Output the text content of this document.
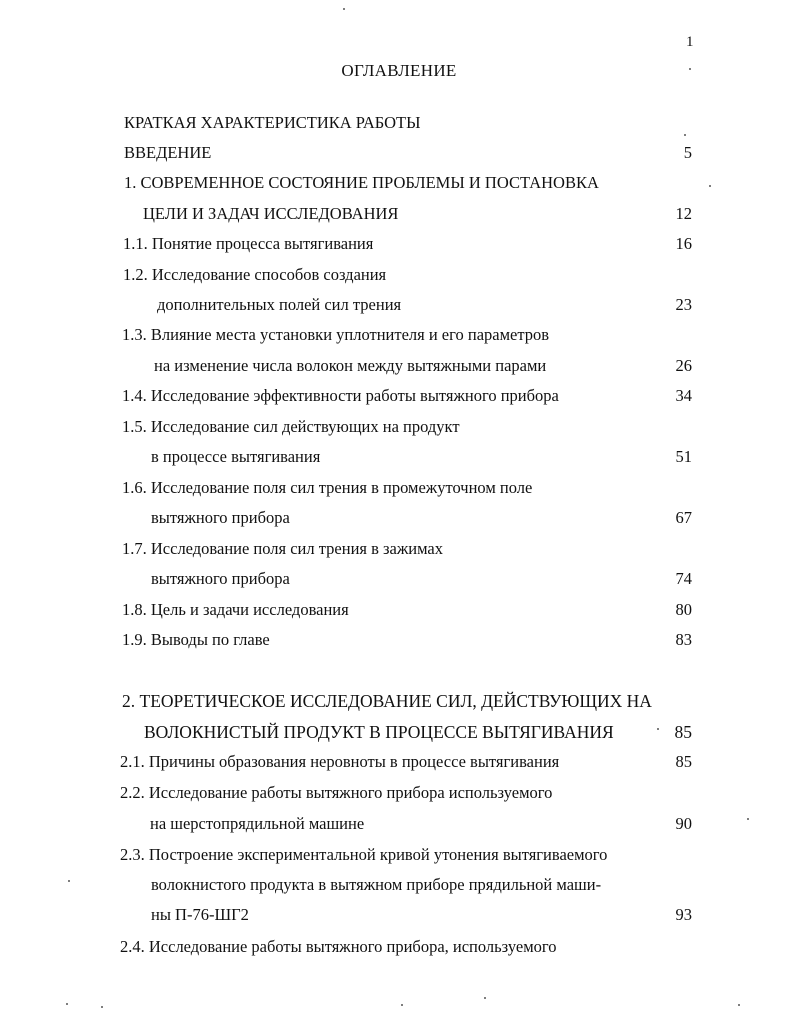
1
ОГЛАВЛЕНИЕ
КРАТКАЯ ХАРАКТЕРИСТИКА РАБОТЫ
ВВЕДЕНИЕ	5
1. СОВРЕМЕННОЕ СОСТОЯНИЕ ПРОБЛЕМЫ И ПОСТАНОВКА
ЦЕЛИ И ЗАДАЧ ИССЛЕДОВАНИЯ	12
1.1. Понятие процесса вытягивания	16
1.2. Исследование способов создания
дополнительных полей сил трения	23
1.3. Влияние места установки уплотнителя и его параметров
на изменение числа волокон между вытяжными парами	26
1.4. Исследование эффективности работы вытяжного прибора	34
1.5. Исследование сил действующих на продукт
в процессе вытягивания	51
1.6. Исследование поля сил трения в промежуточном поле
вытяжного прибора	67
1.7. Исследование поля сил трения в зажимах
вытяжного прибора	74
1.8. Цель и задачи исследования	80
1.9. Выводы по главе	83
2. ТЕОРЕТИЧЕСКОЕ ИССЛЕДОВАНИЕ СИЛ, ДЕЙСТВУЮЩИХ НА
ВОЛОКНИСТЫЙ ПРОДУКТ В ПРОЦЕССЕ ВЫТЯГИВАНИЯ	85
2.1. Причины образования неровноты в процессе вытягивания	85
2.2. Исследование работы вытяжного прибора используемого
на шерстопрядильной машине	90
2.3. Построение экспериментальной кривой утонения вытягиваемого
волокнистого продукта в вытяжном приборе прядильной маши-
ны П-76-ШГ2	93
2.4. Исследование работы вытяжного прибора, используемого
